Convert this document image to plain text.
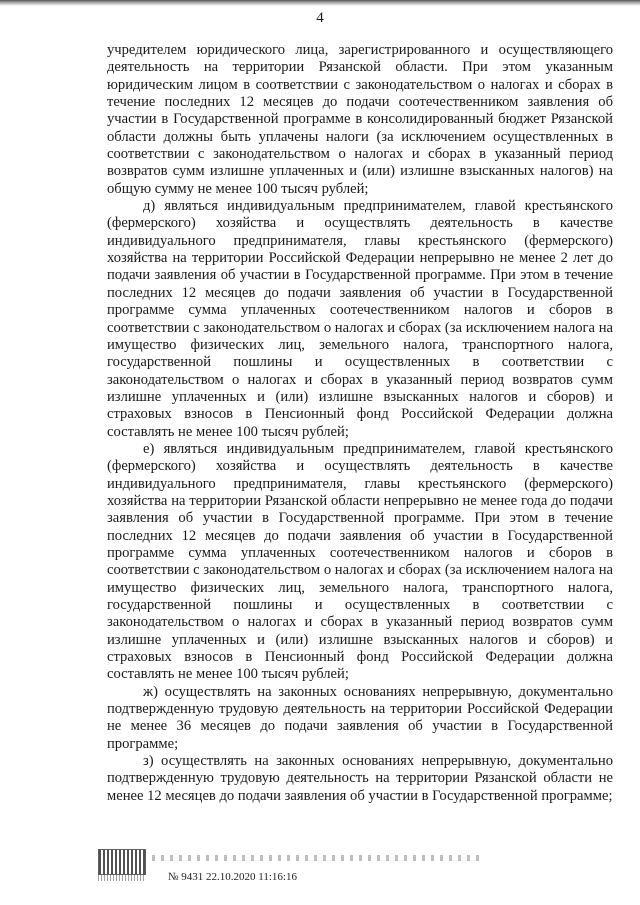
4

учредителем юридического лица, зарегистрированного и осуществляющего деятельность на территории Рязанской области. При этом указанным юридическим лицом в соответствии с законодательством о налогах и сборах в течение последних 12 месяцев до подачи соотечественником заявления об участии в Государственной программе в консолидированный бюджет Рязанской области должны быть уплачены налоги (за исключением осуществленных в соответствии с законодательством о налогах и сборах в указанный период возвратов сумм излишне уплаченных и (или) излишне взысканных налогов) на общую сумму не менее 100 тысяч рублей;

д) являться индивидуальным предпринимателем, главой крестьянского (фермерского) хозяйства и осуществлять деятельность в качестве индивидуального предпринимателя, главы крестьянского (фермерского) хозяйства на территории Российской Федерации непрерывно не менее 2 лет до подачи заявления об участии в Государственной программе. При этом в течение последних 12 месяцев до подачи заявления об участии в Государственной программе сумма уплаченных соотечественником налогов и сборов в соответствии с законодательством о налогах и сборах (за исключением налога на имущество физических лиц, земельного налога, транспортного налога, государственной пошлины и осуществленных в соответствии с законодательством о налогах и сборах в указанный период возвратов сумм излишне уплаченных и (или) излишне взысканных налогов и сборов) и страховых взносов в Пенсионный фонд Российской Федерации должна составлять не менее 100 тысяч рублей;

е) являться индивидуальным предпринимателем, главой крестьянского (фермерского) хозяйства и осуществлять деятельность в качестве индивидуального предпринимателя, главы крестьянского (фермерского) хозяйства на территории Рязанской области непрерывно не менее года до подачи заявления об участии в Государственной программе. При этом в течение последних 12 месяцев до подачи заявления об участии в Государственной программе сумма уплаченных соотечественником налогов и сборов в соответствии с законодательством о налогах и сборах (за исключением налога на имущество физических лиц, земельного налога, транспортного налога, государственной пошлины и осуществленных в соответствии с законодательством о налогах и сборах в указанный период возвратов сумм излишне уплаченных и (или) излишне взысканных налогов и сборов) и страховых взносов в Пенсионный фонд Российской Федерации должна составлять не менее 100 тысяч рублей;

ж) осуществлять на законных основаниях непрерывную, документально подтвержденную трудовую деятельность на территории Российской Федерации не менее 36 месяцев до подачи заявления об участии в Государственной программе;

з) осуществлять на законных основаниях непрерывную, документально подтвержденную трудовую деятельность на территории Рязанской области не менее 12 месяцев до подачи заявления об участии в Государственной программе;

№ 9431 22.10.2020 11:16:16
